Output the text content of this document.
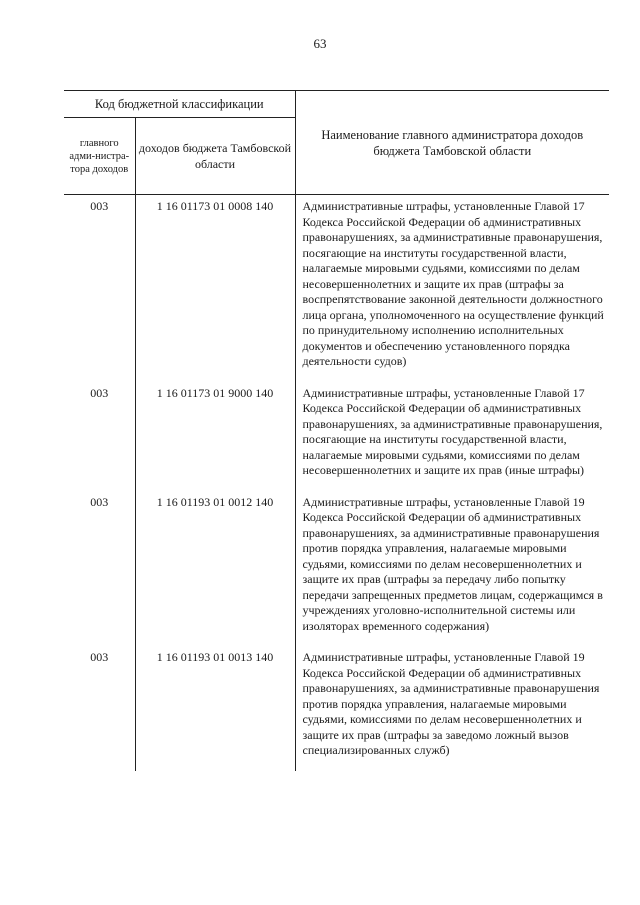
63
Код бюджетной классификации		Наименование главного администратора доходов бюджета Тамбовской области
главного адми-нистра-тора доходов	доходов бюджета Тамбовской области	
003	1 16 01173 01 0008 140	Административные штрафы, установленные Главой 17 Кодекса Российской Федерации об административных правонарушениях, за административные правонарушения, посягающие на институты государственной власти, налагаемые мировыми судьями, комиссиями по делам несовершеннолетних и защите их прав (штрафы за воспрепятствование законной деятельности должностного лица органа, уполномоченного на осуществление функций по принудительному исполнению исполнительных документов и обеспечению установленного порядка деятельности судов)
003	1 16 01173 01 9000 140	Административные штрафы, установленные Главой 17 Кодекса Российской Федерации об административных правонарушениях, за административные правонарушения, посягающие на институты государственной власти, налагаемые мировыми судьями, комиссиями по делам несовершеннолетних и защите их прав (иные штрафы)
003	1 16 01193 01 0012 140	Административные штрафы, установленные Главой 19 Кодекса Российской Федерации об административных правонарушениях, за административные правонарушения против порядка управления, налагаемые мировыми судьями, комиссиями по делам несовершеннолетних и защите их прав (штрафы за передачу либо попытку передачи запрещенных предметов лицам, содержащимся в учреждениях уголовно-исполнительной системы или изоляторах временного содержания)
003	1 16 01193 01 0013 140	Административные штрафы, установленные Главой 19 Кодекса Российской Федерации об административных правонарушениях, за административные правонарушения против порядка управления, налагаемые мировыми судьями, комиссиями по делам несовершеннолетних и защите их прав (штрафы за заведомо ложный вызов специализированных служб)
